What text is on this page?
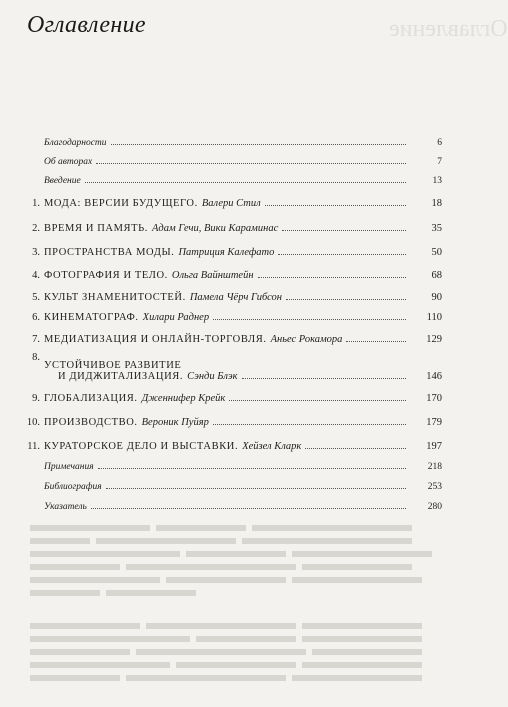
Оглавление
Оглавление
Благодарности	6
Об авторах	7
Введение	13
1. МОДА: ВЕРСИИ БУДУЩЕГО. Валери Стил	18
2. ВРЕМЯ И ПАМЯТЬ. Адам Гечи, Вики Караминас	35
3. ПРОСТРАНСТВА МОДЫ. Патриция Калефато	50
4. ФОТОГРАФИЯ И ТЕЛО. Ольга Вайнштейн	68
5. КУЛЬТ ЗНАМЕНИТОСТЕЙ. Памела Чёрч Гибсон	90
6. КИНЕМАТОГРАФ. Хилари Раднер	110
7. МЕДИАТИЗАЦИЯ И ОНЛАЙН-ТОРГОВЛЯ. Аньес Рокамора	129
8.
УСТОЙЧИВОЕ РАЗВИТИЕ
И ДИДЖИТАЛИЗАЦИЯ. Сэнди Блэк	146
9. ГЛОБАЛИЗАЦИЯ. Дженнифер Крейк	170
10. ПРОИЗВОДСТВО. Вероник Пуйяр	179
11. КУРАТОРСКОЕ ДЕЛО И ВЫСТАВКИ. Хейзел Кларк	197
Примечания	218
Библиография	253
Указатель	280
